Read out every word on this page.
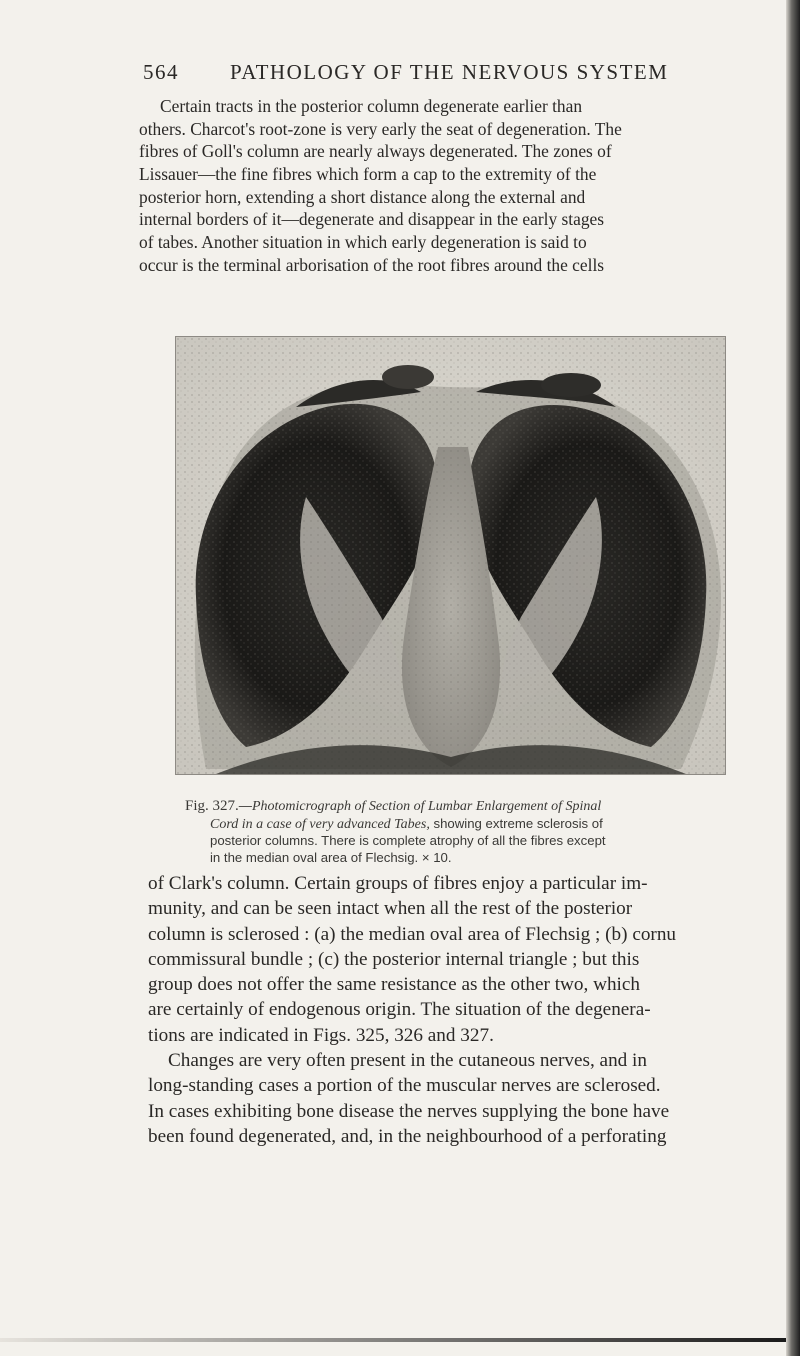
564 PATHOLOGY OF THE NERVOUS SYSTEM
Certain tracts in the posterior column degenerate earlier than
others. Charcot's root-zone is very early the seat of degeneration. The
fibres of Goll's column are nearly always degenerated. The zones of
Lissauer—the fine fibres which form a cap to the extremity of the
posterior horn, extending a short distance along the external and
internal borders of it—degenerate and disappear in the early stages
of tabes. Another situation in which early degeneration is said to
occur is the terminal arborisation of the root fibres around the cells
Fig. 327.—Photomicrograph of Section of Lumbar Enlargement of Spinal
Cord in a case of very advanced Tabes, showing extreme sclerosis of
posterior columns. There is complete atrophy of all the fibres except
in the median oval area of Flechsig. × 10.
of Clark's column. Certain groups of fibres enjoy a particular im-
munity, and can be seen intact when all the rest of the posterior
column is sclerosed : (a) the median oval area of Flechsig ; (b) cornu
commissural bundle ; (c) the posterior internal triangle ; but this
group does not offer the same resistance as the other two, which
are certainly of endogenous origin. The situation of the degenera-
tions are indicated in Figs. 325, 326 and 327.
Changes are very often present in the cutaneous nerves, and in
long-standing cases a portion of the muscular nerves are sclerosed.
In cases exhibiting bone disease the nerves supplying the bone have
been found degenerated, and, in the neighbourhood of a perforating
